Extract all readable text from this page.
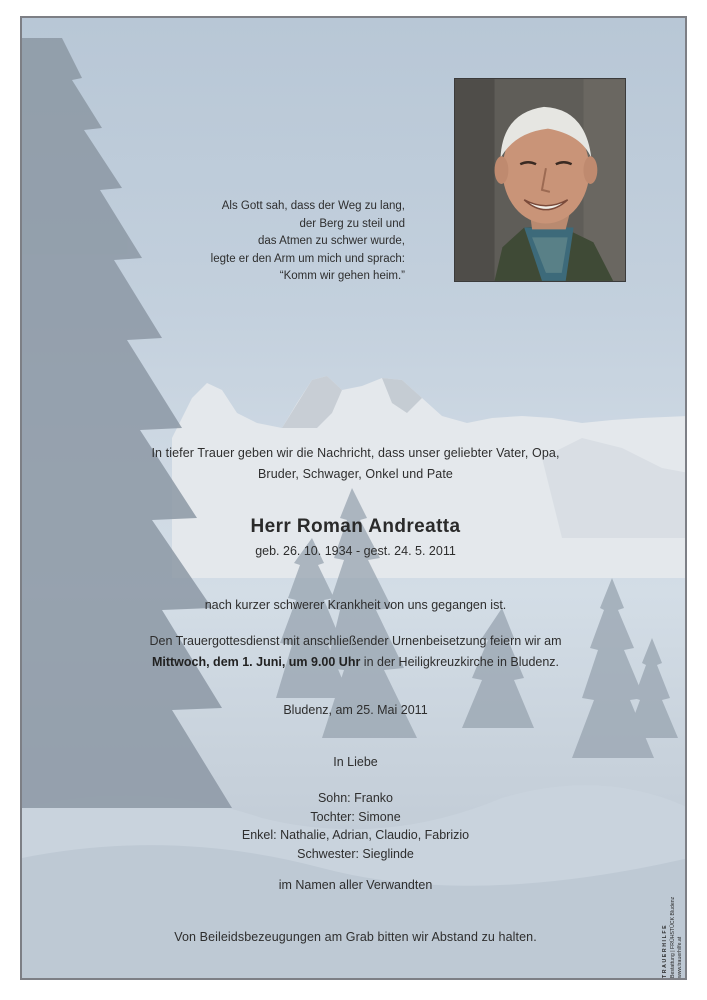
Als Gott sah, dass der Weg zu lang,
der Berg zu steil und
das Atmen zu schwer wurde,
legte er den Arm um mich und sprach:
“Komm wir gehen heim.”
In tiefer Trauer geben wir die Nachricht, dass unser geliebter Vater, Opa,
Bruder, Schwager, Onkel und Pate
Herr Roman Andreatta
geb. 26. 10. 1934 - gest. 24. 5. 2011
nach kurzer schwerer Krankheit von uns gegangen ist.
Den Trauergottesdienst mit anschließender Urnenbeisetzung feiern wir am
Mittwoch, dem 1. Juni, um 9.00 Uhr in der Heiligkreuzkirche in Bludenz.
Bludenz, am 25. Mai 2011
In Liebe
Sohn: Franko
Tochter: Simone
Enkel: Nathalie, Adrian, Claudio, Fabrizio
Schwester: Sieglinde
im Namen aller Verwandten
Von Beileidsbezeugungen am Grab bitten wir Abstand zu halten.	TRAUERHILFE Bestattung | FRÜHSTÜCK Bludenz
www.trauerhilfe.at
